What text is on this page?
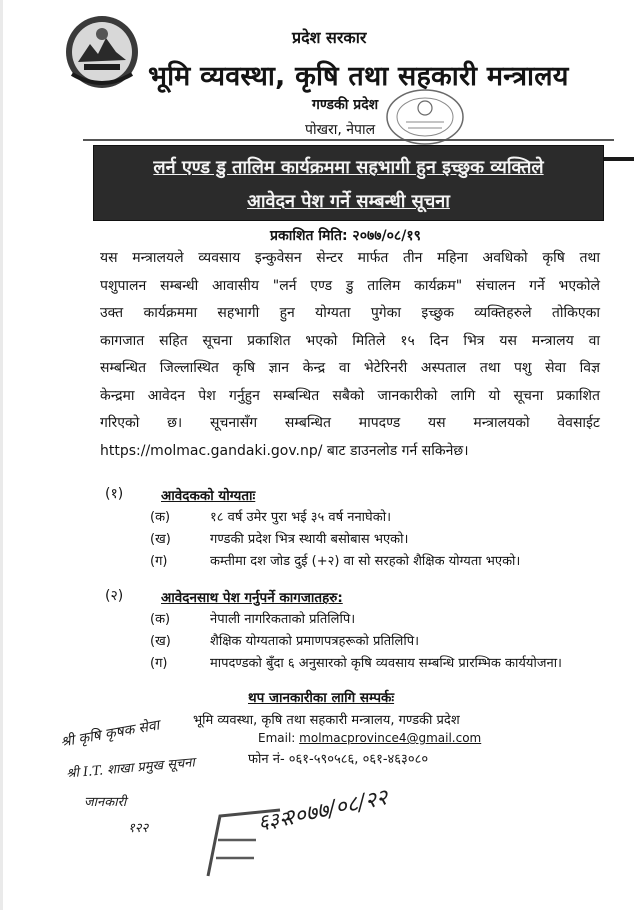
प्रदेश सरकार
भूमि व्यवस्था, कृषि तथा सहकारी मन्त्रालय
गण्डकी प्रदेश
पोखरा, नेपाल
लर्न एण्ड डु तालिम कार्यक्रममा सहभागी हुन इच्छुक व्यक्तिले
आवेदन पेश गर्ने सम्बन्धी सूचना
प्रकाशित मिति: २०७७/०८/१९
यस मन्त्रालयले व्यवसाय इन्कुवेसन सेन्टर मार्फत तीन महिना अवधिको कृषि तथा
पशुपालन सम्बन्धी आवासीय "लर्न एण्ड डु तालिम कार्यक्रम" संचालन गर्ने भएकोले
उक्त कार्यक्रममा सहभागी हुन योग्यता पुगेका इच्छुक व्यक्तिहरुले तोकिएका
कागजात सहित सूचना प्रकाशित भएको मितिले १५ दिन भित्र यस मन्त्रालय वा
सम्बन्धित जिल्लास्थित कृषि ज्ञान केन्द्र वा भेटेरिनरी अस्पताल तथा पशु सेवा विज्ञ
केन्द्रमा आवेदन पेश गर्नुहुन सम्बन्धित सबैको जानकारीको लागि यो सूचना प्रकाशित
गरिएको छ। सूचनासँग सम्बन्धित मापदण्ड यस मन्त्रालयको वेवसाईट
https://molmac.gandaki.gov.np/ बाट डाउनलोड गर्न सकिनेछ।
(१)	आवेदकको योग्यताः
(क)	१८ वर्ष उमेर पुरा भई ३५ वर्ष ननाघेको।
(ख)	गण्डकी प्रदेश भित्र स्थायी बसोबास भएको।
(ग)	कम्तीमा दश जोड दुई (+२) वा सो सरहको शैक्षिक योग्यता भएको।
(२)	आवेदनसाथ पेश गर्नुपर्ने कागजातहरु:
(क)	नेपाली नागरिकताको प्रतिलिपि।
(ख)	शैक्षिक योग्यताको प्रमाणपत्रहरूको प्रतिलिपि।
(ग)	मापदण्डको बुँदा ६ अनुसारको कृषि व्यवसाय सम्बन्धि प्रारम्भिक कार्ययोजना।
थप जानकारीका लागि सम्पर्कः
भूमि व्यवस्था, कृषि तथा सहकारी मन्त्रालय, गण्डकी प्रदेश
Email: molmacprovince4@gmail.com
फोन नं- ०६१-५९०५८६, ०६१-४६३०८०
श्री कृषि कृषक सेवा
श्री I.T. शाखा प्रमुख सूचना
जानकारी
१२२	६३२
२०७७/०८/२२
